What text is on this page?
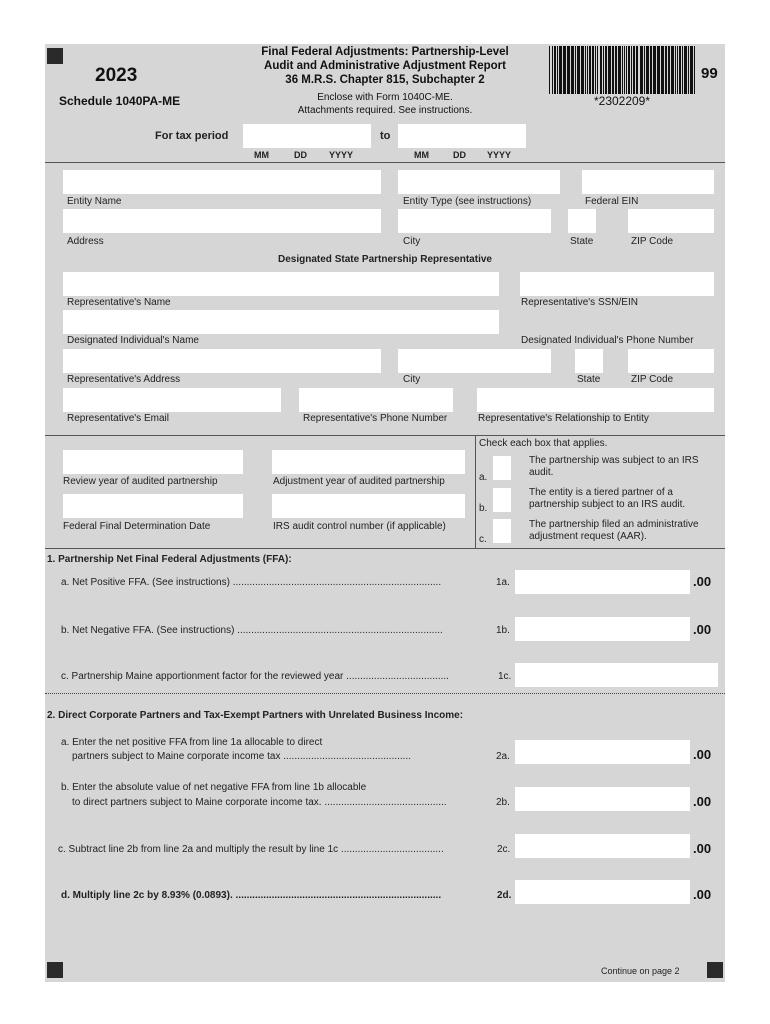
2023
Schedule 1040PA-ME
Final Federal Adjustments: Partnership-Level
Audit and Administrative Adjustment Report
36 M.R.S. Chapter 815, Subchapter 2
Enclose with Form 1040C-ME.
Attachments required. See instructions.
*2302209*
99
For tax period	to
MM	DD YYYY	MM	DD YYYY
Entity Name	Entity Type (see instructions)	Federal EIN
Address	City	State	ZIP Code
Designated State Partnership Representative
Representative's Name	Representative's SSN/EIN
Designated Individual's Name	Designated Individual's Phone Number
Representative's Address	City	State	ZIP Code
Representative's Email	Representative's Phone Number	Representative's Relationship to Entity
Review year of audited partnership	Adjustment year of audited partnership
Federal Final Determination Date	IRS audit control number (if applicable)
Check each box that applies.
a.
The partnership was subject to an IRS audit.
b.
The entity is a tiered partner of a partnership subject to an IRS audit.
c.
The partnership filed an administrative adjustment request (AAR).
1. Partnership Net Final Federal Adjustments (FFA):
a. Net Positive FFA. (See instructions) ...........................................................................	1a.	.00
b. Net Negative FFA. (See instructions) ..........................................................................	1b.	.00
c. Partnership Maine apportionment factor for the reviewed year .....................................	1c.
2. Direct Corporate Partners and Tax-Exempt Partners with Unrelated Business Income:
a. Enter the net positive FFA from line 1a allocable to direct
partners subject to Maine corporate income tax ..............................................	2a.	.00
b. Enter the absolute value of net negative FFA from line 1b allocable
to direct partners subject to Maine corporate income tax. ............................................	2b.	.00
c. Subtract line 2b from line 2a and multiply the result by line 1c .....................................	2c.	.00
d. Multiply line 2c by 8.93% (0.0893). ..........................................................................	2d.	.00
Continue on page 2
